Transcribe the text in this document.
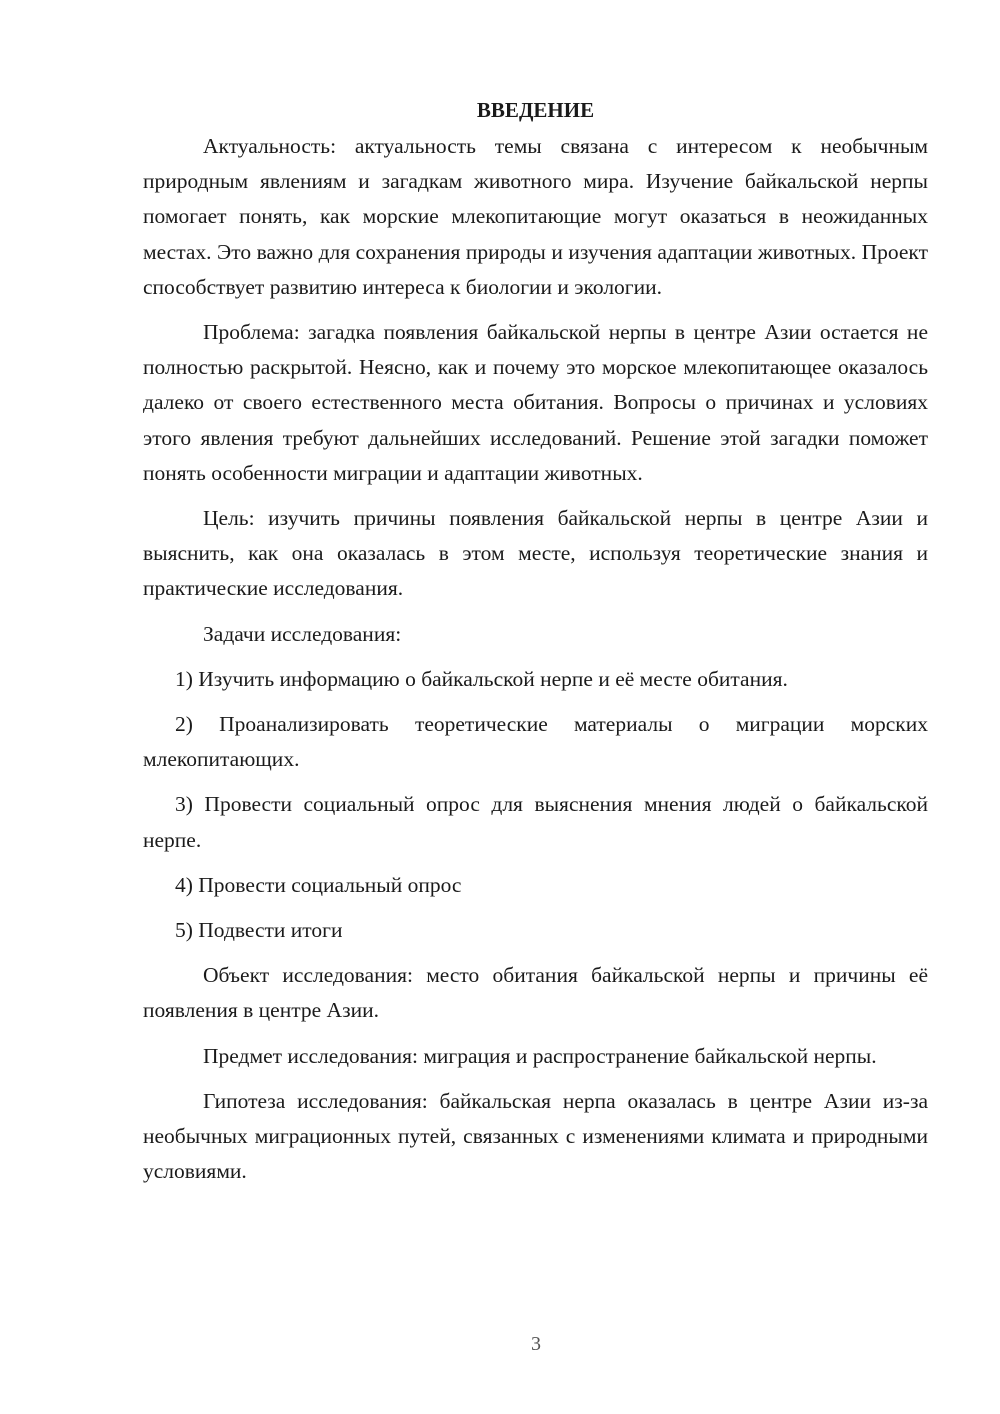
ВВЕДЕНИЕ

Актуальность: актуальность темы связана с интересом к необычным природным явлениям и загадкам животного мира. Изучение байкальской нерпы помогает понять, как морские млекопитающие могут оказаться в неожиданных местах. Это важно для сохранения природы и изучения адаптации животных. Проект способствует развитию интереса к биологии и экологии.

Проблема: загадка появления байкальской нерпы в центре Азии остается не полностью раскрытой. Неясно, как и почему это морское млекопитающее оказалось далеко от своего естественного места обитания. Вопросы о причинах и условиях этого явления требуют дальнейших исследований. Решение этой загадки поможет понять особенности миграции и адаптации животных.

Цель: изучить причины появления байкальской нерпы в центре Азии и выяснить, как она оказалась в этом месте, используя теоретические знания и практические исследования.

Задачи исследования:

1) Изучить информацию о байкальской нерпе и её месте обитания.

2) Проанализировать теоретические материалы о миграции морских млекопитающих.

3) Провести социальный опрос для выяснения мнения людей о байкальской нерпе.

4) Провести социальный опрос

5) Подвести итоги

Объект исследования: место обитания байкальской нерпы и причины её появления в центре Азии.

Предмет исследования: миграция и распространение байкальской нерпы.

Гипотеза исследования: байкальская нерпа оказалась в центре Азии из-за необычных миграционных путей, связанных с изменениями климата и природными условиями.

3
